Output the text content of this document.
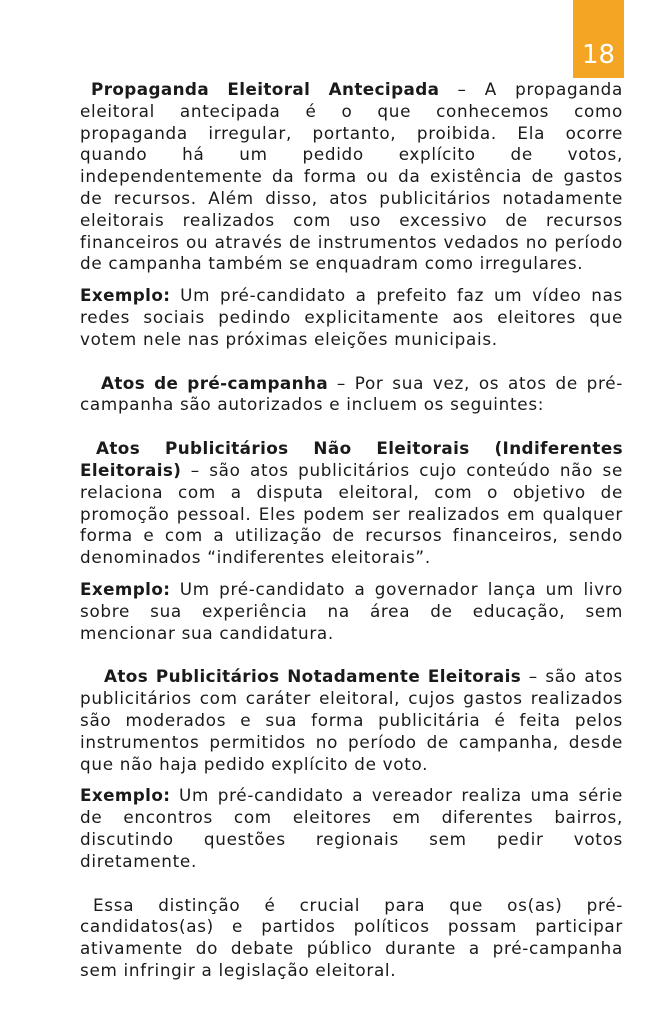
18

Propaganda Eleitoral Antecipada – A propaganda eleitoral antecipada é o que conhecemos como propaganda irregular, portanto, proibida. Ela ocorre quando há um pedido explícito de votos, independentemente da forma ou da existência de gastos de recursos. Além disso, atos publicitários notadamente eleitorais realizados com uso excessivo de recursos financeiros ou através de instrumentos vedados no período de campanha também se enquadram como irregulares.

Exemplo: Um pré-candidato a prefeito faz um vídeo nas redes sociais pedindo explicitamente aos eleitores que votem nele nas próximas eleições municipais.

Atos de pré-campanha – Por sua vez, os atos de pré-campanha são autorizados e incluem os seguintes:

Atos Publicitários Não Eleitorais (Indiferentes Eleitorais) – são atos publicitários cujo conteúdo não se relaciona com a disputa eleitoral, com o objetivo de promoção pessoal. Eles podem ser realizados em qualquer forma e com a utilização de recursos financeiros, sendo denominados “indiferentes eleitorais”.

Exemplo: Um pré-candidato a governador lança um livro sobre sua experiência na área de educação, sem mencionar sua candidatura.

Atos Publicitários Notadamente Eleitorais – são atos publicitários com caráter eleitoral, cujos gastos realizados são moderados e sua forma publicitária é feita pelos instrumentos permitidos no período de campanha, desde que não haja pedido explícito de voto.

Exemplo: Um pré-candidato a vereador realiza uma série de encontros com eleitores em diferentes bairros, discutindo questões regionais sem pedir votos diretamente.

Essa distinção é crucial para que os(as) pré-candidatos(as) e partidos políticos possam participar ativamente do debate público durante a pré-campanha sem infringir a legislação eleitoral.
